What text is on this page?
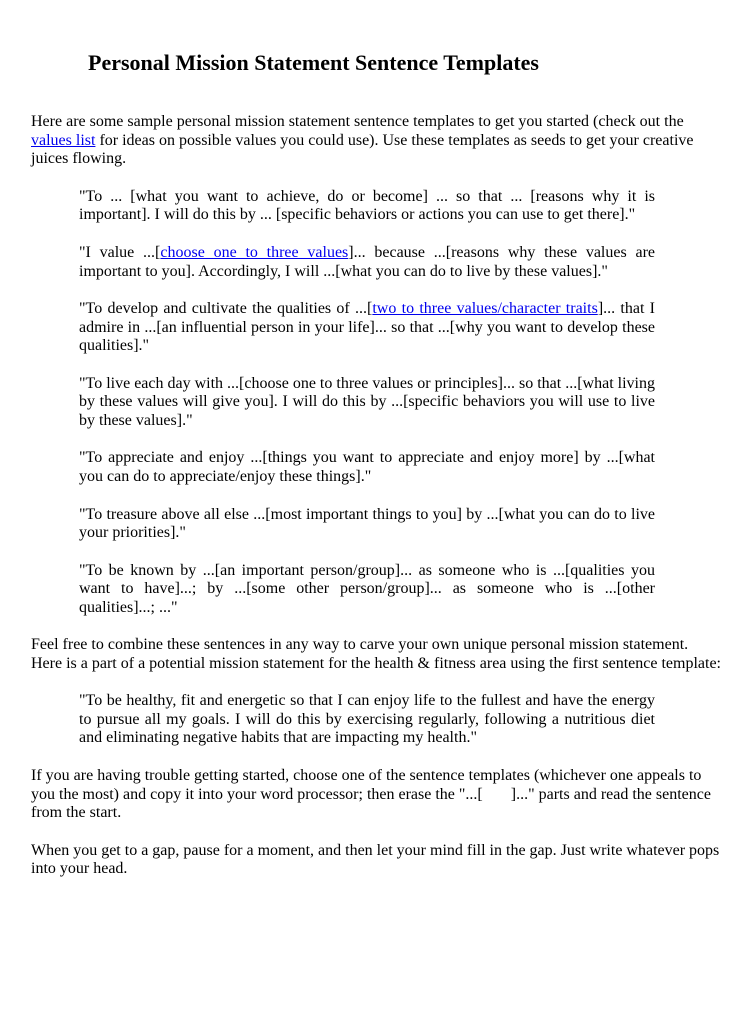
Personal Mission Statement Sentence Templates

Here are some sample personal mission statement sentence templates to get you started (check out the values list for ideas on possible values you could use). Use these templates as seeds to get your creative juices flowing.

"To ... [what you want to achieve, do or become] ... so that ... [reasons why it is important]. I will do this by ... [specific behaviors or actions you can use to get there]."
"I value ...[choose one to three values]... because ...[reasons why these values are important to you]. Accordingly, I will ...[what you can do to live by these values]."
"To develop and cultivate the qualities of ...[two to three values/character traits]... that I admire in ...[an influential person in your life]... so that ...[why you want to develop these qualities]."
"To live each day with ...[choose one to three values or principles]... so that ...[what living by these values will give you]. I will do this by ...[specific behaviors you will use to live by these values]."
"To appreciate and enjoy ...[things you want to appreciate and enjoy more] by ...[what you can do to appreciate/enjoy these things]."
"To treasure above all else ...[most important things to you] by ...[what you can do to live your priorities]."
"To be known by ...[an important person/group]... as someone who is ...[qualities you want to have]...; by ...[some other person/group]... as someone who is ...[other qualities]...; ..."

Feel free to combine these sentences in any way to carve your own unique personal mission statement. Here is a part of a potential mission statement for the health & fitness area using the first sentence template:

"To be healthy, fit and energetic so that I can enjoy life to the fullest and have the energy to pursue all my goals. I will do this by exercising regularly, following a nutritious diet and eliminating negative habits that are impacting my health."

If you are having trouble getting started, choose one of the sentence templates (whichever one appeals to you the most) and copy it into your word processor; then erase the "...[       ]..." parts and read the sentence from the start.

When you get to a gap, pause for a moment, and then let your mind fill in the gap. Just write whatever pops into your head.
